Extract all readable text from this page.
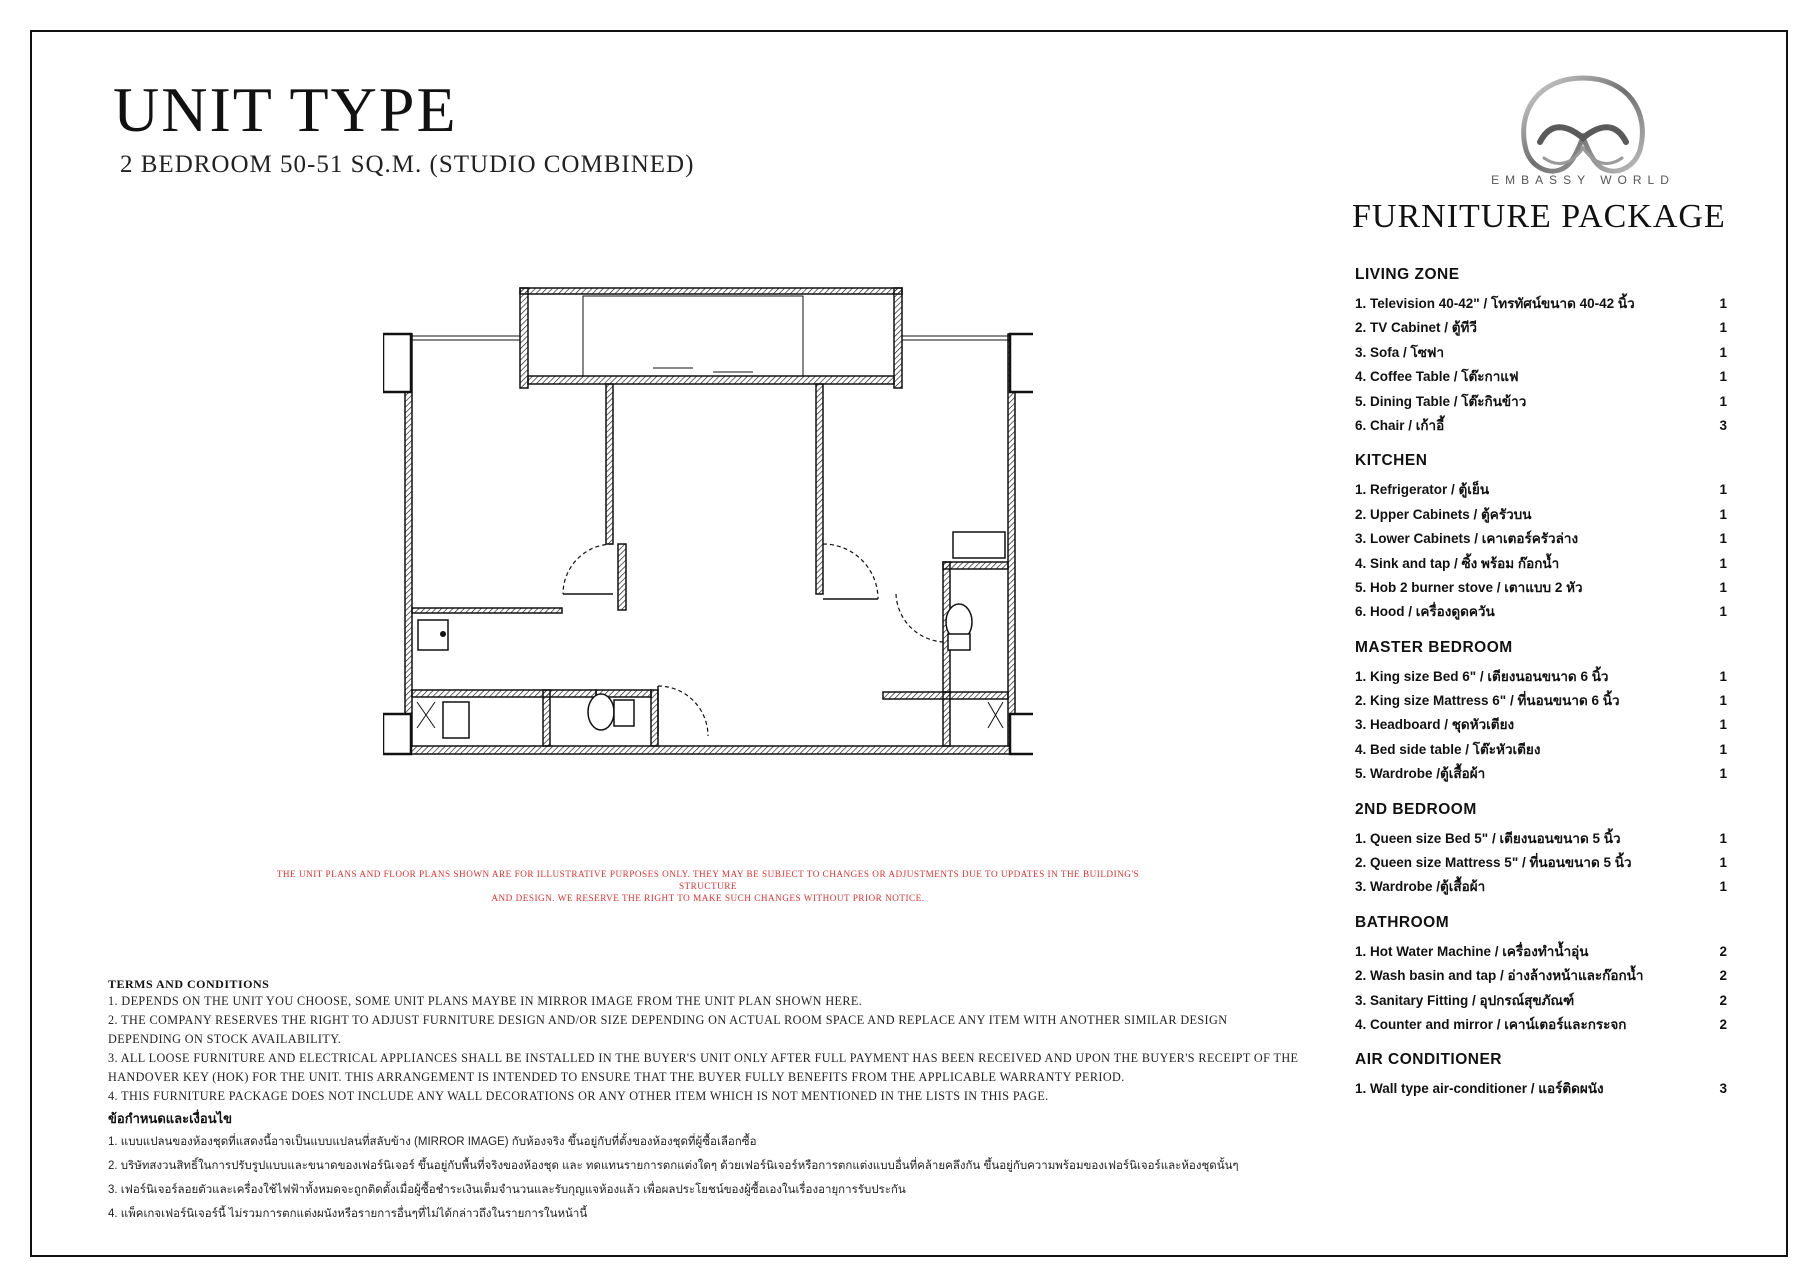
UNIT TYPE
2 BEDROOM 50-51 SQ.M. (STUDIO COMBINED)
EMBASSY WORLD
FURNITURE PACKAGE
LIVING ZONE
1. Television 40-42" / โทรทัศน์ขนาด 40-42 นิ้ว	1
2. TV Cabinet / ตู้ทีวี	1
3. Sofa / โซฟา	1
4. Coffee Table / โต๊ะกาแฟ	1
5. Dining Table / โต๊ะกินข้าว	1
6. Chair / เก้าอี้	3
KITCHEN
1. Refrigerator / ตู้เย็น	1
2. Upper Cabinets / ตู้ครัวบน	1
3. Lower Cabinets / เคาเตอร์ครัวล่าง	1
4. Sink and tap / ซิ้ง พร้อม ก๊อกน้ำ	1
5. Hob 2 burner stove / เตาแบบ 2 หัว	1
6. Hood / เครื่องดูดควัน	1
MASTER BEDROOM
1. King size Bed 6" / เตียงนอนขนาด 6 นิ้ว	1
2. King size Mattress 6" / ที่นอนขนาด 6 นิ้ว	1
3. Headboard / ชุดหัวเตียง	1
4. Bed side table / โต๊ะหัวเตียง	1
5. Wardrobe /ตู้เสื้อผ้า	1
2ND BEDROOM
1. Queen size Bed 5" / เตียงนอนขนาด 5 นิ้ว	1
2. Queen size Mattress 5" / ที่นอนขนาด 5 นิ้ว	1
3. Wardrobe /ตู้เสื้อผ้า	1
BATHROOM
1. Hot Water Machine / เครื่องทำน้ำอุ่น	2
2. Wash basin and tap / อ่างล้างหน้าและก๊อกน้ำ	2
3. Sanitary Fitting / อุปกรณ์สุขภัณฑ์	2
4. Counter and mirror / เคาน์เตอร์และกระจก	2
AIR CONDITIONER
1. Wall type air-conditioner / แอร์ติดผนัง	3
THE UNIT PLANS AND FLOOR PLANS SHOWN ARE FOR ILLUSTRATIVE PURPOSES ONLY. THEY MAY BE SUBJECT TO CHANGES OR ADJUSTMENTS DUE TO UPDATES IN THE BUILDING'S STRUCTURE
AND DESIGN. WE RESERVE THE RIGHT TO MAKE SUCH CHANGES WITHOUT PRIOR NOTICE.
TERMS AND CONDITIONS
1. DEPENDS ON THE UNIT YOU CHOOSE, SOME UNIT PLANS MAYBE IN MIRROR IMAGE FROM THE UNIT PLAN SHOWN HERE.
2. THE COMPANY RESERVES THE RIGHT TO ADJUST FURNITURE DESIGN AND/OR SIZE DEPENDING ON ACTUAL ROOM SPACE AND REPLACE ANY ITEM WITH ANOTHER SIMILAR DESIGN
DEPENDING ON STOCK AVAILABILITY.
3. ALL LOOSE FURNITURE AND ELECTRICAL APPLIANCES SHALL BE INSTALLED IN THE BUYER'S UNIT ONLY AFTER FULL PAYMENT HAS BEEN RECEIVED AND UPON THE BUYER'S RECEIPT OF THE
HANDOVER KEY (HOK) FOR THE UNIT. THIS ARRANGEMENT IS INTENDED TO ENSURE THAT THE BUYER FULLY BENEFITS FROM THE APPLICABLE WARRANTY PERIOD.
4. THIS FURNITURE PACKAGE DOES NOT INCLUDE ANY WALL DECORATIONS OR ANY OTHER ITEM WHICH IS NOT MENTIONED IN THE LISTS IN THIS PAGE.
ข้อกำหนดและเงื่อนไข
1. แบบแปลนของห้องชุดที่แสดงนี้อาจเป็นแบบแปลนที่สลับข้าง (MIRROR IMAGE) กับห้องจริง ขึ้นอยู่กับที่ตั้งของห้องชุดที่ผู้ซื้อเลือกซื้อ
2. บริษัทสงวนสิทธิ์ในการปรับรูปแบบและขนาดของเฟอร์นิเจอร์ ขึ้นอยู่กับพื้นที่จริงของห้องชุด และ ทดแทนรายการตกแต่งใดๆ ด้วยเฟอร์นิเจอร์หรือการตกแต่งแบบอื่นที่คล้ายคลึงกัน ขึ้นอยู่กับความพร้อมของเฟอร์นิเจอร์และห้องชุดนั้นๆ
3. เฟอร์นิเจอร์ลอยตัวและเครื่องใช้ไฟฟ้าทั้งหมดจะถูกติดตั้งเมื่อผู้ซื้อชำระเงินเต็มจำนวนและรับกุญแจห้องแล้ว เพื่อผลประโยชน์ของผู้ซื้อเองในเรื่องอายุการรับประกัน
4. แพ็คเกจเฟอร์นิเจอร์นี้ ไม่รวมการตกแต่งผนังหรือรายการอื่นๆที่ไม่ได้กล่าวถึงในรายการในหน้านี้
